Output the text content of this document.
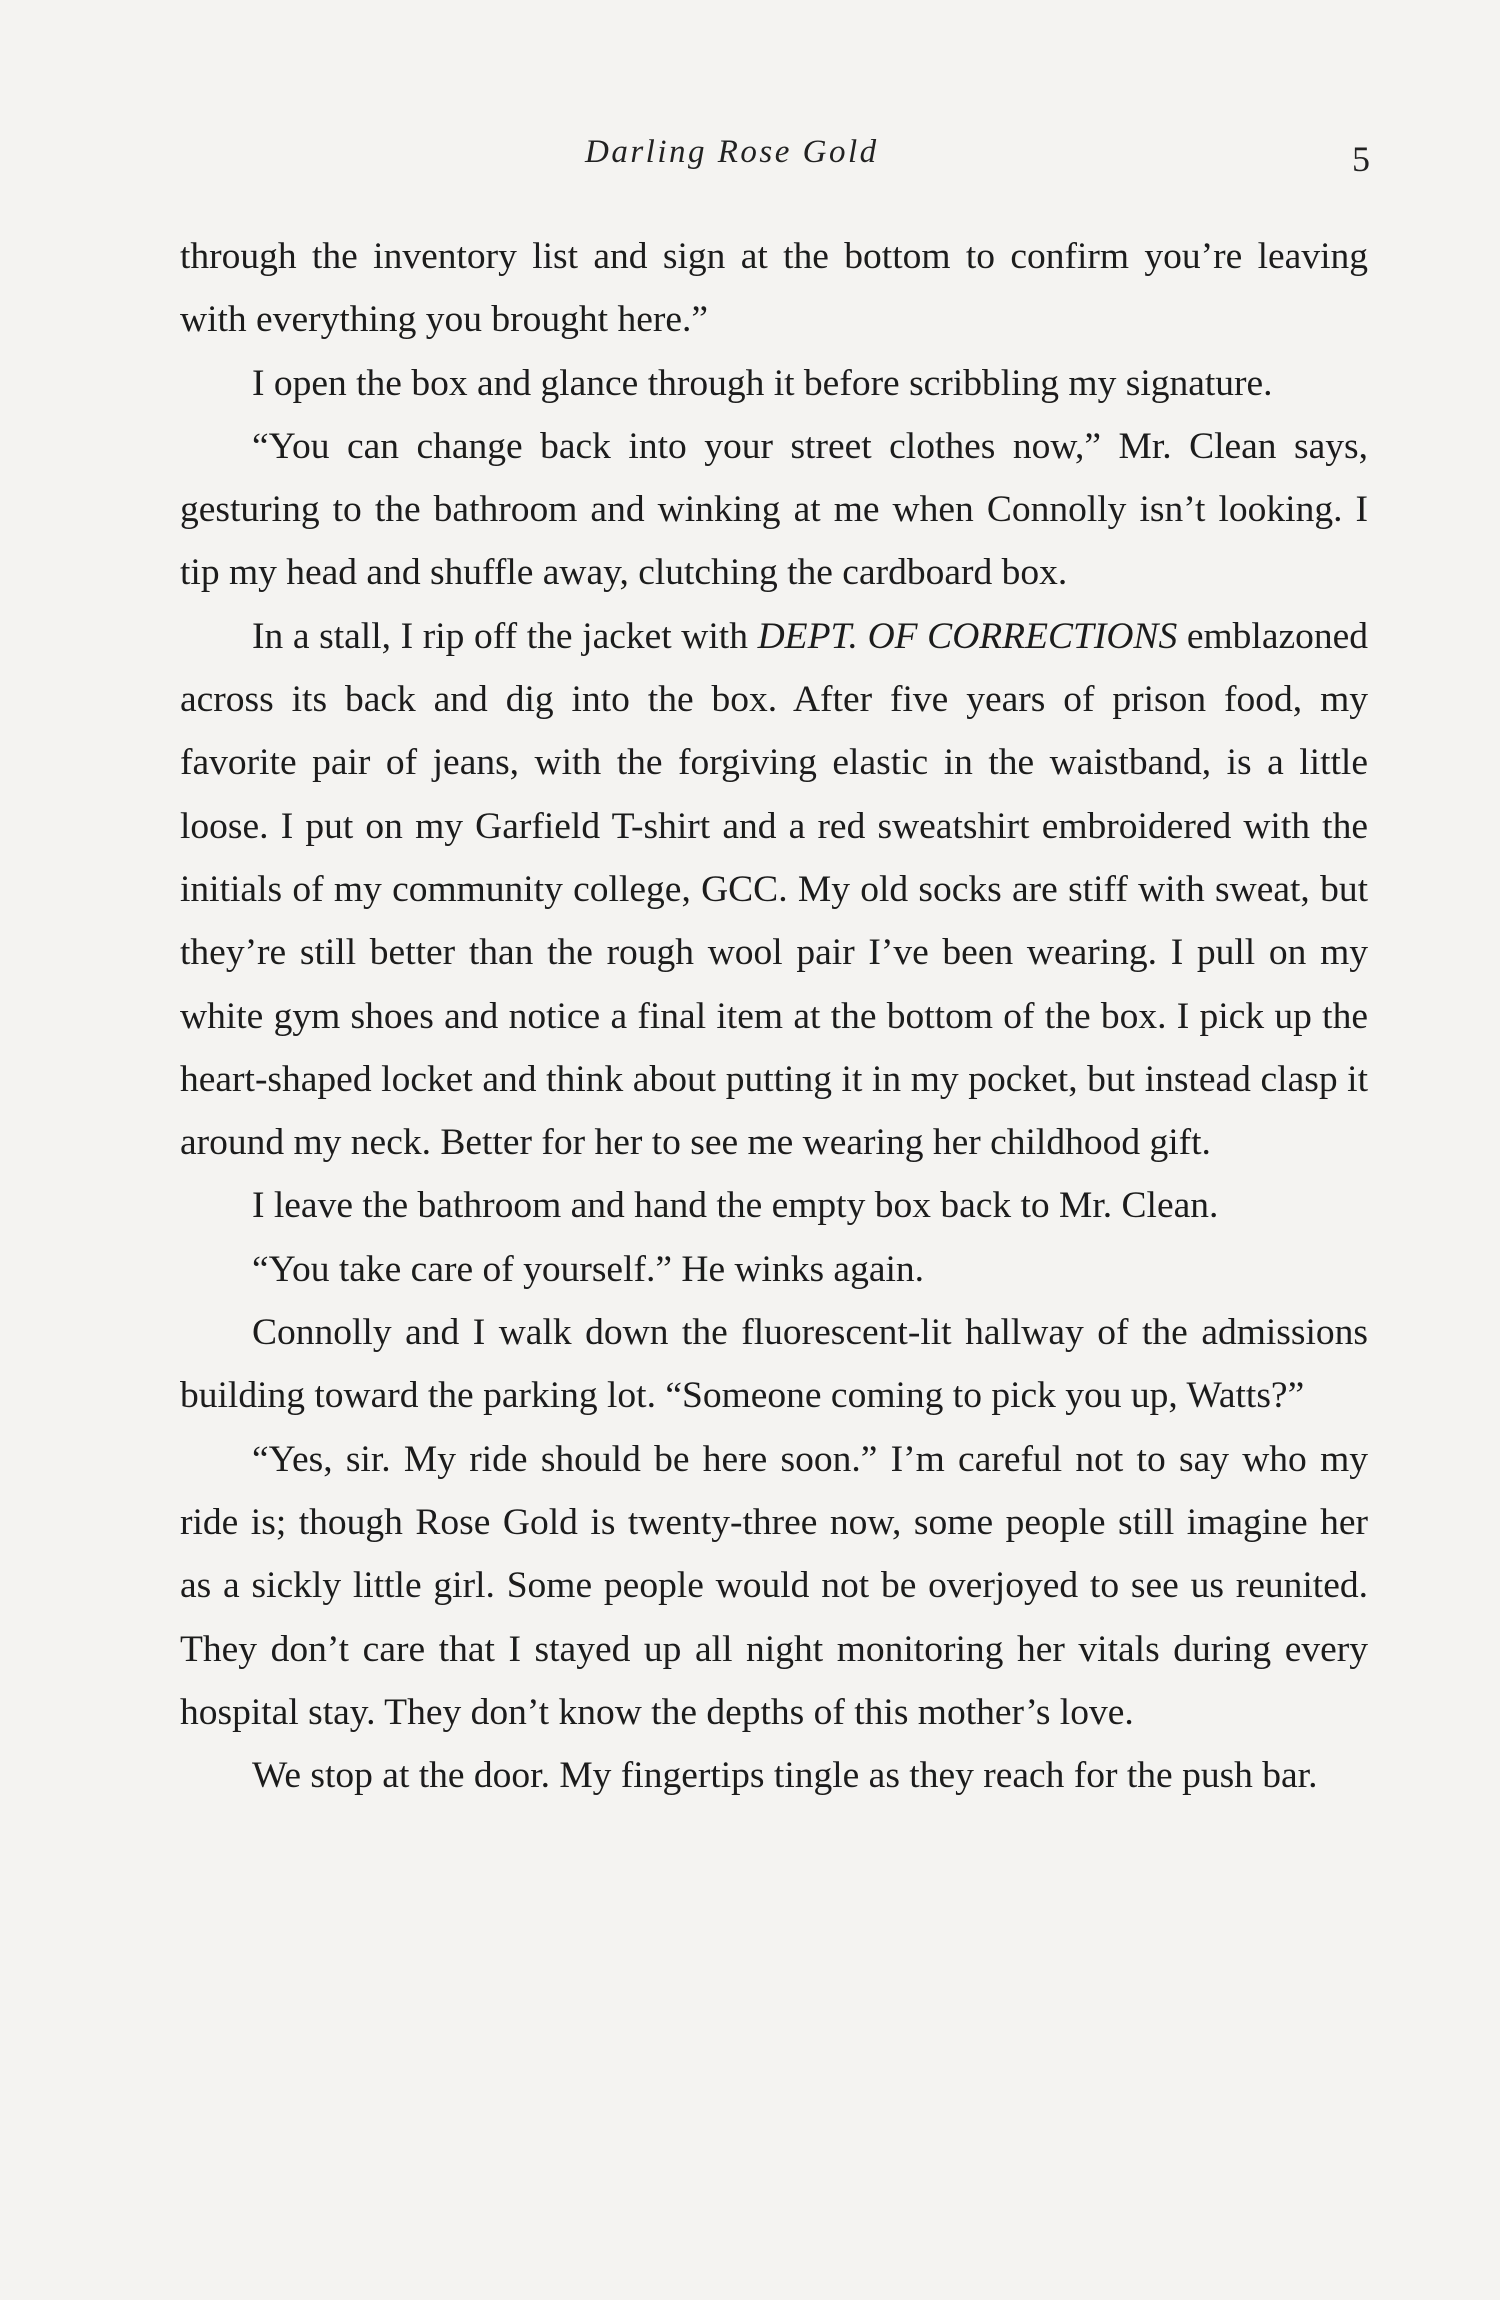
Darling Rose Gold	5

through the inventory list and sign at the bottom to confirm you’re leaving with everything you brought here.”

I open the box and glance through it before scribbling my signature.

“You can change back into your street clothes now,” Mr. Clean says, gesturing to the bathroom and winking at me when Connolly isn’t looking. I tip my head and shuffle away, clutching the cardboard box.

In a stall, I rip off the jacket with DEPT. OF CORRECTIONS emblazoned across its back and dig into the box. After five years of prison food, my favorite pair of jeans, with the forgiving elastic in the waistband, is a little loose. I put on my Garfield T-shirt and a red sweatshirt embroidered with the initials of my community college, GCC. My old socks are stiff with sweat, but they’re still better than the rough wool pair I’ve been wearing. I pull on my white gym shoes and notice a final item at the bottom of the box. I pick up the heart-shaped locket and think about putting it in my pocket, but instead clasp it around my neck. Better for her to see me wearing her childhood gift.

I leave the bathroom and hand the empty box back to Mr. Clean.

“You take care of yourself.” He winks again.

Connolly and I walk down the fluorescent-lit hallway of the admissions building toward the parking lot. “Someone coming to pick you up, Watts?”

“Yes, sir. My ride should be here soon.” I’m careful not to say who my ride is; though Rose Gold is twenty-three now, some people still imagine her as a sickly little girl. Some people would not be overjoyed to see us reunited. They don’t care that I stayed up all night monitoring her vitals during every hospital stay. They don’t know the depths of this mother’s love.

We stop at the door. My fingertips tingle as they reach for the push bar.
